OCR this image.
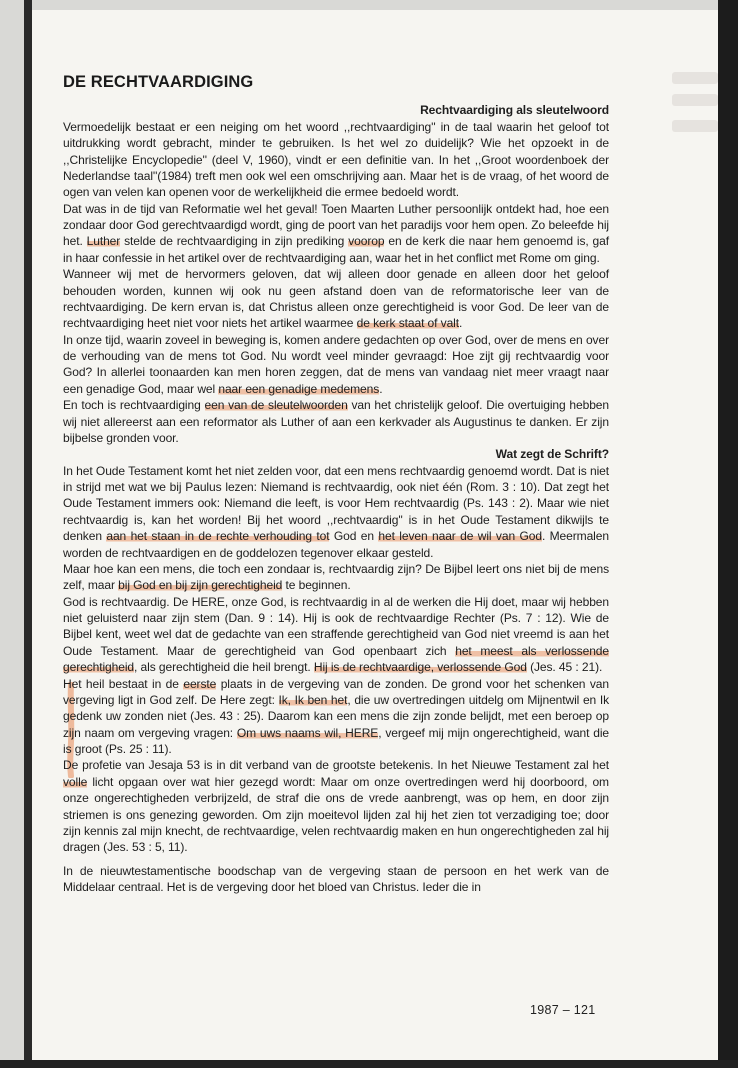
DE RECHTVAARDIGING
Rechtvaardiging als sleutelwoord

Vermoedelijk bestaat er een neiging om het woord ,,rechtvaardiging'' in de taal waarin het geloof tot uitdrukking wordt gebracht, minder te gebruiken. Is het wel zo duidelijk? Wie het opzoekt in de ,,Christelijke Encyclopedie'' (deel V, 1960), vindt er een definitie van. In het ,,Groot woordenboek der Nederlandse taal''(1984) treft men ook wel een omschrijving aan. Maar het is de vraag, of het woord de ogen van velen kan openen voor de werkelijkheid die ermee bedoeld wordt.

Dat was in de tijd van Reformatie wel het geval! Toen Maarten Luther persoonlijk ontdekt had, hoe een zondaar door God gerechtvaardigd wordt, ging de poort van het paradijs voor hem open. Zo beleefde hij het. Luther stelde de rechtvaardiging in zijn prediking voorop en de kerk die naar hem genoemd is, gaf in haar confessie in het artikel over de rechtvaardiging aan, waar het in het conflict met Rome om ging.

Wanneer wij met de hervormers geloven, dat wij alleen door genade en alleen door het geloof behouden worden, kunnen wij ook nu geen afstand doen van de reformatorische leer van de rechtvaardiging. De kern ervan is, dat Christus alleen onze gerechtigheid is voor God. De leer van de rechtvaardiging heet niet voor niets het artikel waarmee de kerk staat of valt.

In onze tijd, waarin zoveel in beweging is, komen andere gedachten op over God, over de mens en over de verhouding van de mens tot God. Nu wordt veel minder gevraagd: Hoe zijt gij rechtvaardig voor God? In allerlei toonaarden kan men horen zeggen, dat de mens van vandaag niet meer vraagt naar een genadige God, maar wel naar een genadige medemens.

En toch is rechtvaardiging een van de sleutelwoorden van het christelijk geloof. Die overtuiging hebben wij niet allereerst aan een reformator als Luther of aan een kerkvader als Augustinus te danken. Er zijn bijbelse gronden voor.

Wat zegt de Schrift?

In het Oude Testament komt het niet zelden voor, dat een mens rechtvaardig genoemd wordt. Dat is niet in strijd met wat we bij Paulus lezen: Niemand is rechtvaardig, ook niet één (Rom. 3 : 10). Dat zegt het Oude Testament immers ook: Niemand die leeft, is voor Hem rechtvaardig (Ps. 143 : 2). Maar wie niet rechtvaardig is, kan het worden! Bij het woord ,,rechtvaardig'' is in het Oude Testament dikwijls te denken aan het staan in de rechte verhouding tot God en het leven naar de wil van God. Meermalen worden de rechtvaardigen en de goddelozen tegenover elkaar gesteld.

Maar hoe kan een mens, die toch een zondaar is, rechtvaardig zijn? De Bijbel leert ons niet bij de mens zelf, maar bij God en bij zijn gerechtigheid te beginnen.

God is rechtvaardig. De HERE, onze God, is rechtvaardig in al de werken die Hij doet, maar wij hebben niet geluisterd naar zijn stem (Dan. 9 : 14). Hij is ook de rechtvaardige Rechter (Ps. 7 : 12). Wie de Bijbel kent, weet wel dat de gedachte van een straffende gerechtigheid van God niet vreemd is aan het Oude Testament. Maar de gerechtigheid van God openbaart zich het meest als verlossende gerechtigheid, als gerechtigheid die heil brengt. Hij is de rechtvaardige, verlossende God (Jes. 45 : 21).

Het heil bestaat in de eerste plaats in de vergeving van de zonden. De grond voor het schenken van vergeving ligt in God zelf. De Here zegt: Ik, Ik ben het, die uw overtredingen uitdelg om Mijnentwil en Ik gedenk uw zonden niet (Jes. 43 : 25). Daarom kan een mens die zijn zonde belijdt, met een beroep op zijn naam om vergeving vragen: Om uws naams wil, HERE, vergeef mij mijn ongerechtigheid, want die is groot (Ps. 25 : 11).

De profetie van Jesaja 53 is in dit verband van de grootste betekenis. In het Nieuwe Testament zal het volle licht opgaan over wat hier gezegd wordt: Maar om onze overtredingen werd hij doorboord, om onze ongerechtigheden verbrijzeld, de straf die ons de vrede aanbrengt, was op hem, en door zijn striemen is ons genezing geworden. Om zijn moeitevol lijden zal hij het zien tot verzadiging toe; door zijn kennis zal mijn knecht, de rechtvaardige, velen rechtvaardig maken en hun ongerechtigheden zal hij dragen (Jes. 53 : 5, 11).

In de nieuwtestamentische boodschap van de vergeving staan de persoon en het werk van de Middelaar centraal. Het is de vergeving door het bloed van Christus. Ieder die in

1987 – 121
